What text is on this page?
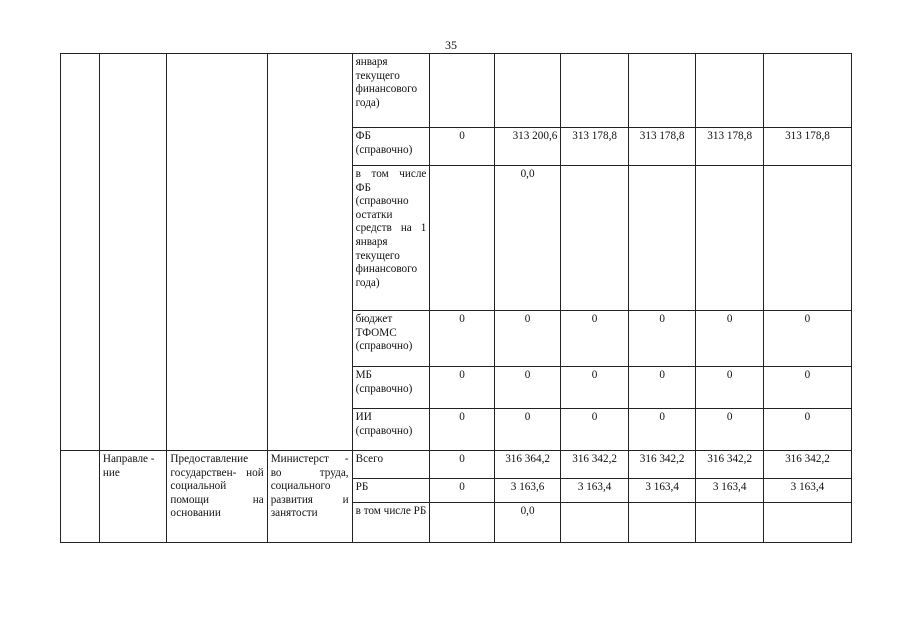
35
				января текущего финансового года)						
				ФБ (справочно)	0	313 200,6	313 178,8	313 178,8	313 178,8	313 178,8
				в том числе ФБ (справочно остатки средств на 1 января текущего финансового года)		0,0				
				бюджет ТФОМС (справочно)	0	0	0	0	0	0
				МБ (справочно)	0	0	0	0	0	0
				ИИ (справочно)	0	0	0	0	0	0
	Направле - ние	Предоставление государствен- ной социальной помощи на основании	Министерст - во труда, социального развития и занятости	Всего	0	316 364,2	316 342,2	316 342,2	316 342,2	316 342,2
				РБ	0	3 163,6	3 163,4	3 163,4	3 163,4	3 163,4
				в том числе РБ		0,0				
